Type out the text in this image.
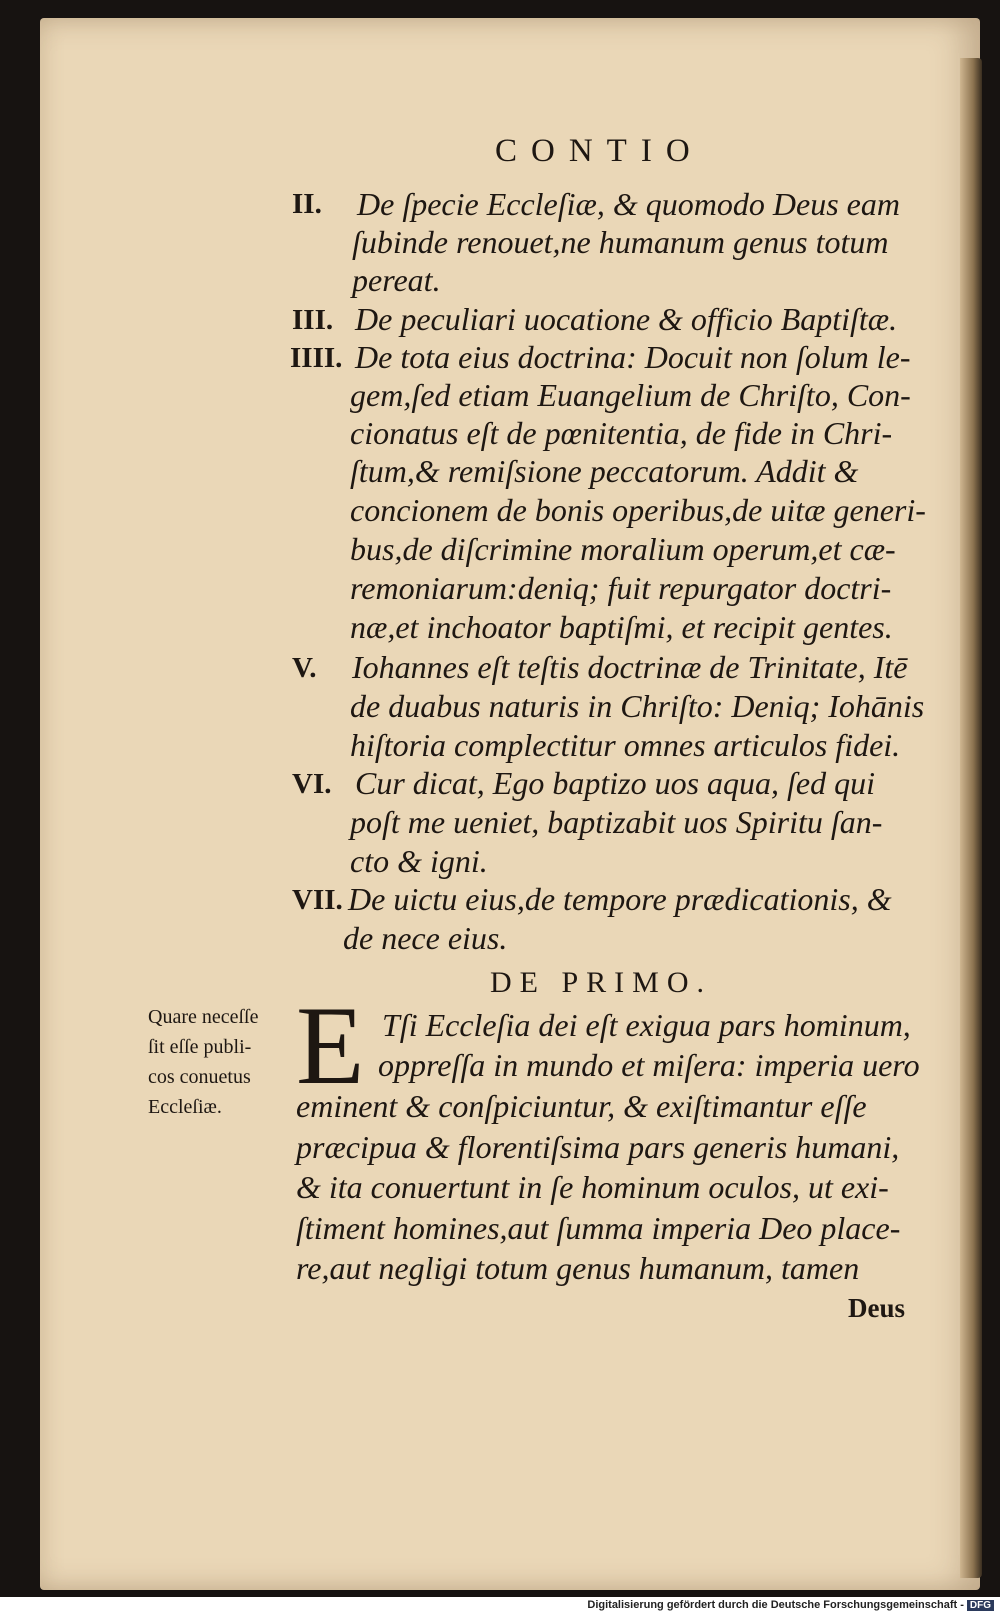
CONTIO
II. De ſpecie Eccleſiæ, & quomodo Deus eam
ſubinde renouet,ne humanum genus totum
pereat.
III. De peculiari uocatione & officio Baptiſtæ.
IIII. De tota eius doctrina: Docuit non ſolum le-
gem,ſed etiam Euangelium de Chriſto, Con-
cionatus eſt de pœnitentia, de fide in Chri-
ſtum,& remiſsione peccatorum. Addit &
concionem de bonis operibus,de uitæ generi-
bus,de diſcrimine moralium operum,et cæ-
remoniarum:deniq; fuit repurgator doctri-
næ,et inchoator baptiſmi, et recipit gentes.
V. Iohannes eſt teſtis doctrinæ de Trinitate, Itē
de duabus naturis in Chriſto: Deniq; Iohānis
hiſtoria complectitur omnes articulos fidei.
VI. Cur dicat, Ego baptizo uos aqua, ſed qui
poſt me ueniet, baptizabit uos Spiritu ſan-
cto & igni.
VII. De uictu eius,de tempore prædicationis, &
de nece eius.
DE PRIMO.
Quare neceſſe
ſit eſſe publi-
cos conuetus
Eccleſiæ. E Tſi Eccleſia dei eſt exigua pars hominum,
oppreſſa in mundo et miſera: imperia uero
eminent & conſpiciuntur, & exiſtimantur eſſe
præcipua & florentiſsima pars generis humani,
& ita conuertunt in ſe hominum oculos, ut exi-
ſtiment homines,aut ſumma imperia Deo place-
re,aut negligi totum genus humanum, tamen
Deus
Digitalisierung gefördert durch die Deutsche Forschungsgemeinschaft - DFG
